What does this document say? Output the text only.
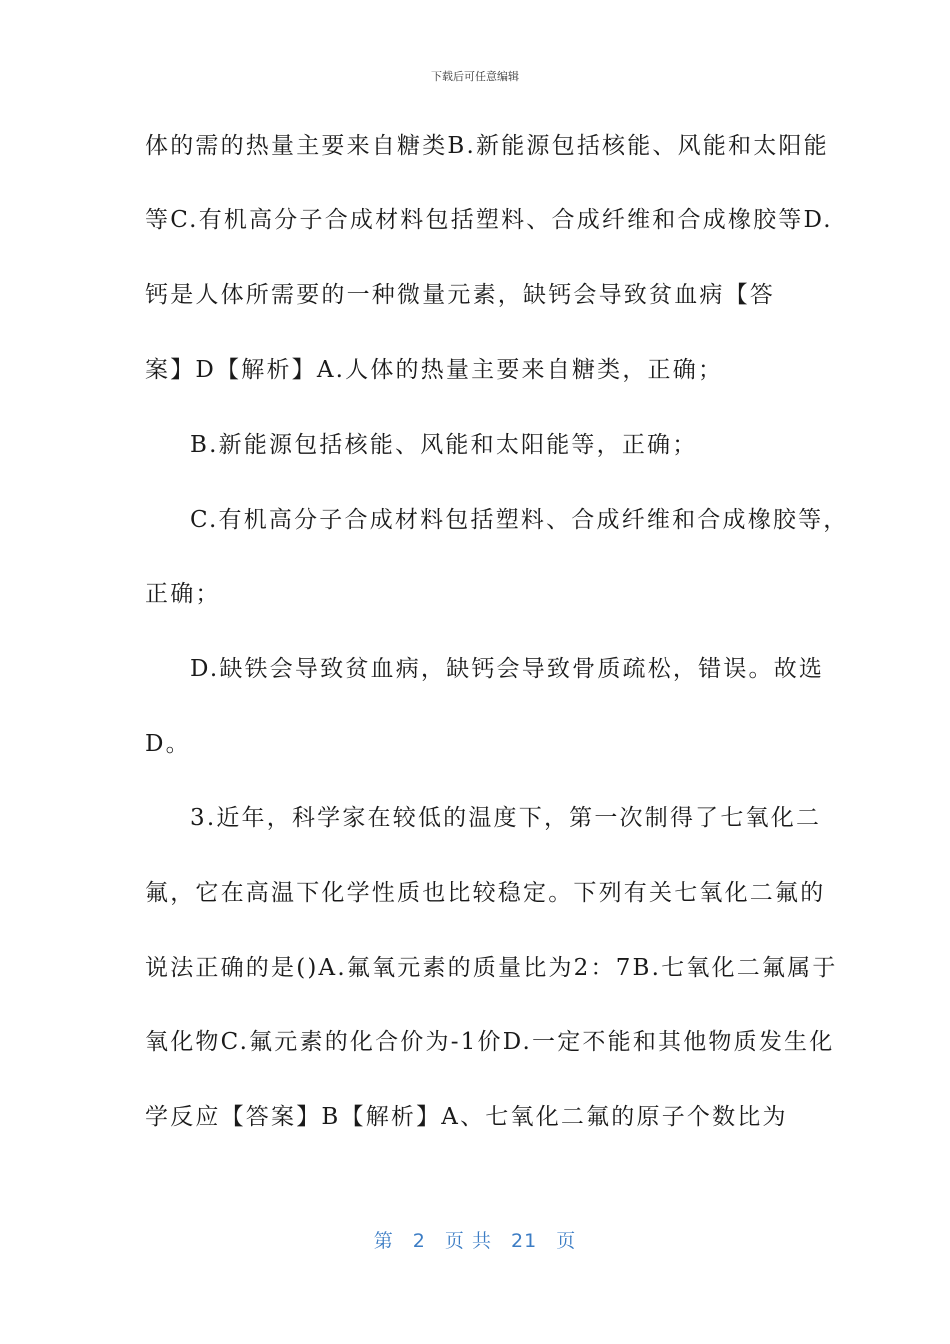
下载后可任意编辑
体的需的热量主要来自糖类B.新能源包括核能、风能和太阳能
等C.有机高分子合成材料包括塑料、合成纤维和合成橡胶等D.
钙是人体所需要的一种微量元素，缺钙会导致贫血病【答
案】D【解析】A.人体的热量主要来自糖类，正确；
B.新能源包括核能、风能和太阳能等，正确；
C.有机高分子合成材料包括塑料、合成纤维和合成橡胶等，
正确；
D.缺铁会导致贫血病，缺钙会导致骨质疏松，错误。故选
D。
3.近年，科学家在较低的温度下，第一次制得了七氧化二
氟，它在高温下化学性质也比较稳定。下列有关七氧化二氟的
说法正确的是()A.氟氧元素的质量比为2：7B.七氧化二氟属于
氧化物C.氟元素的化合价为-1价D.一定不能和其他物质发生化
学反应【答案】B【解析】A、七氧化二氟的原子个数比为
第 2 页 共 21 页
